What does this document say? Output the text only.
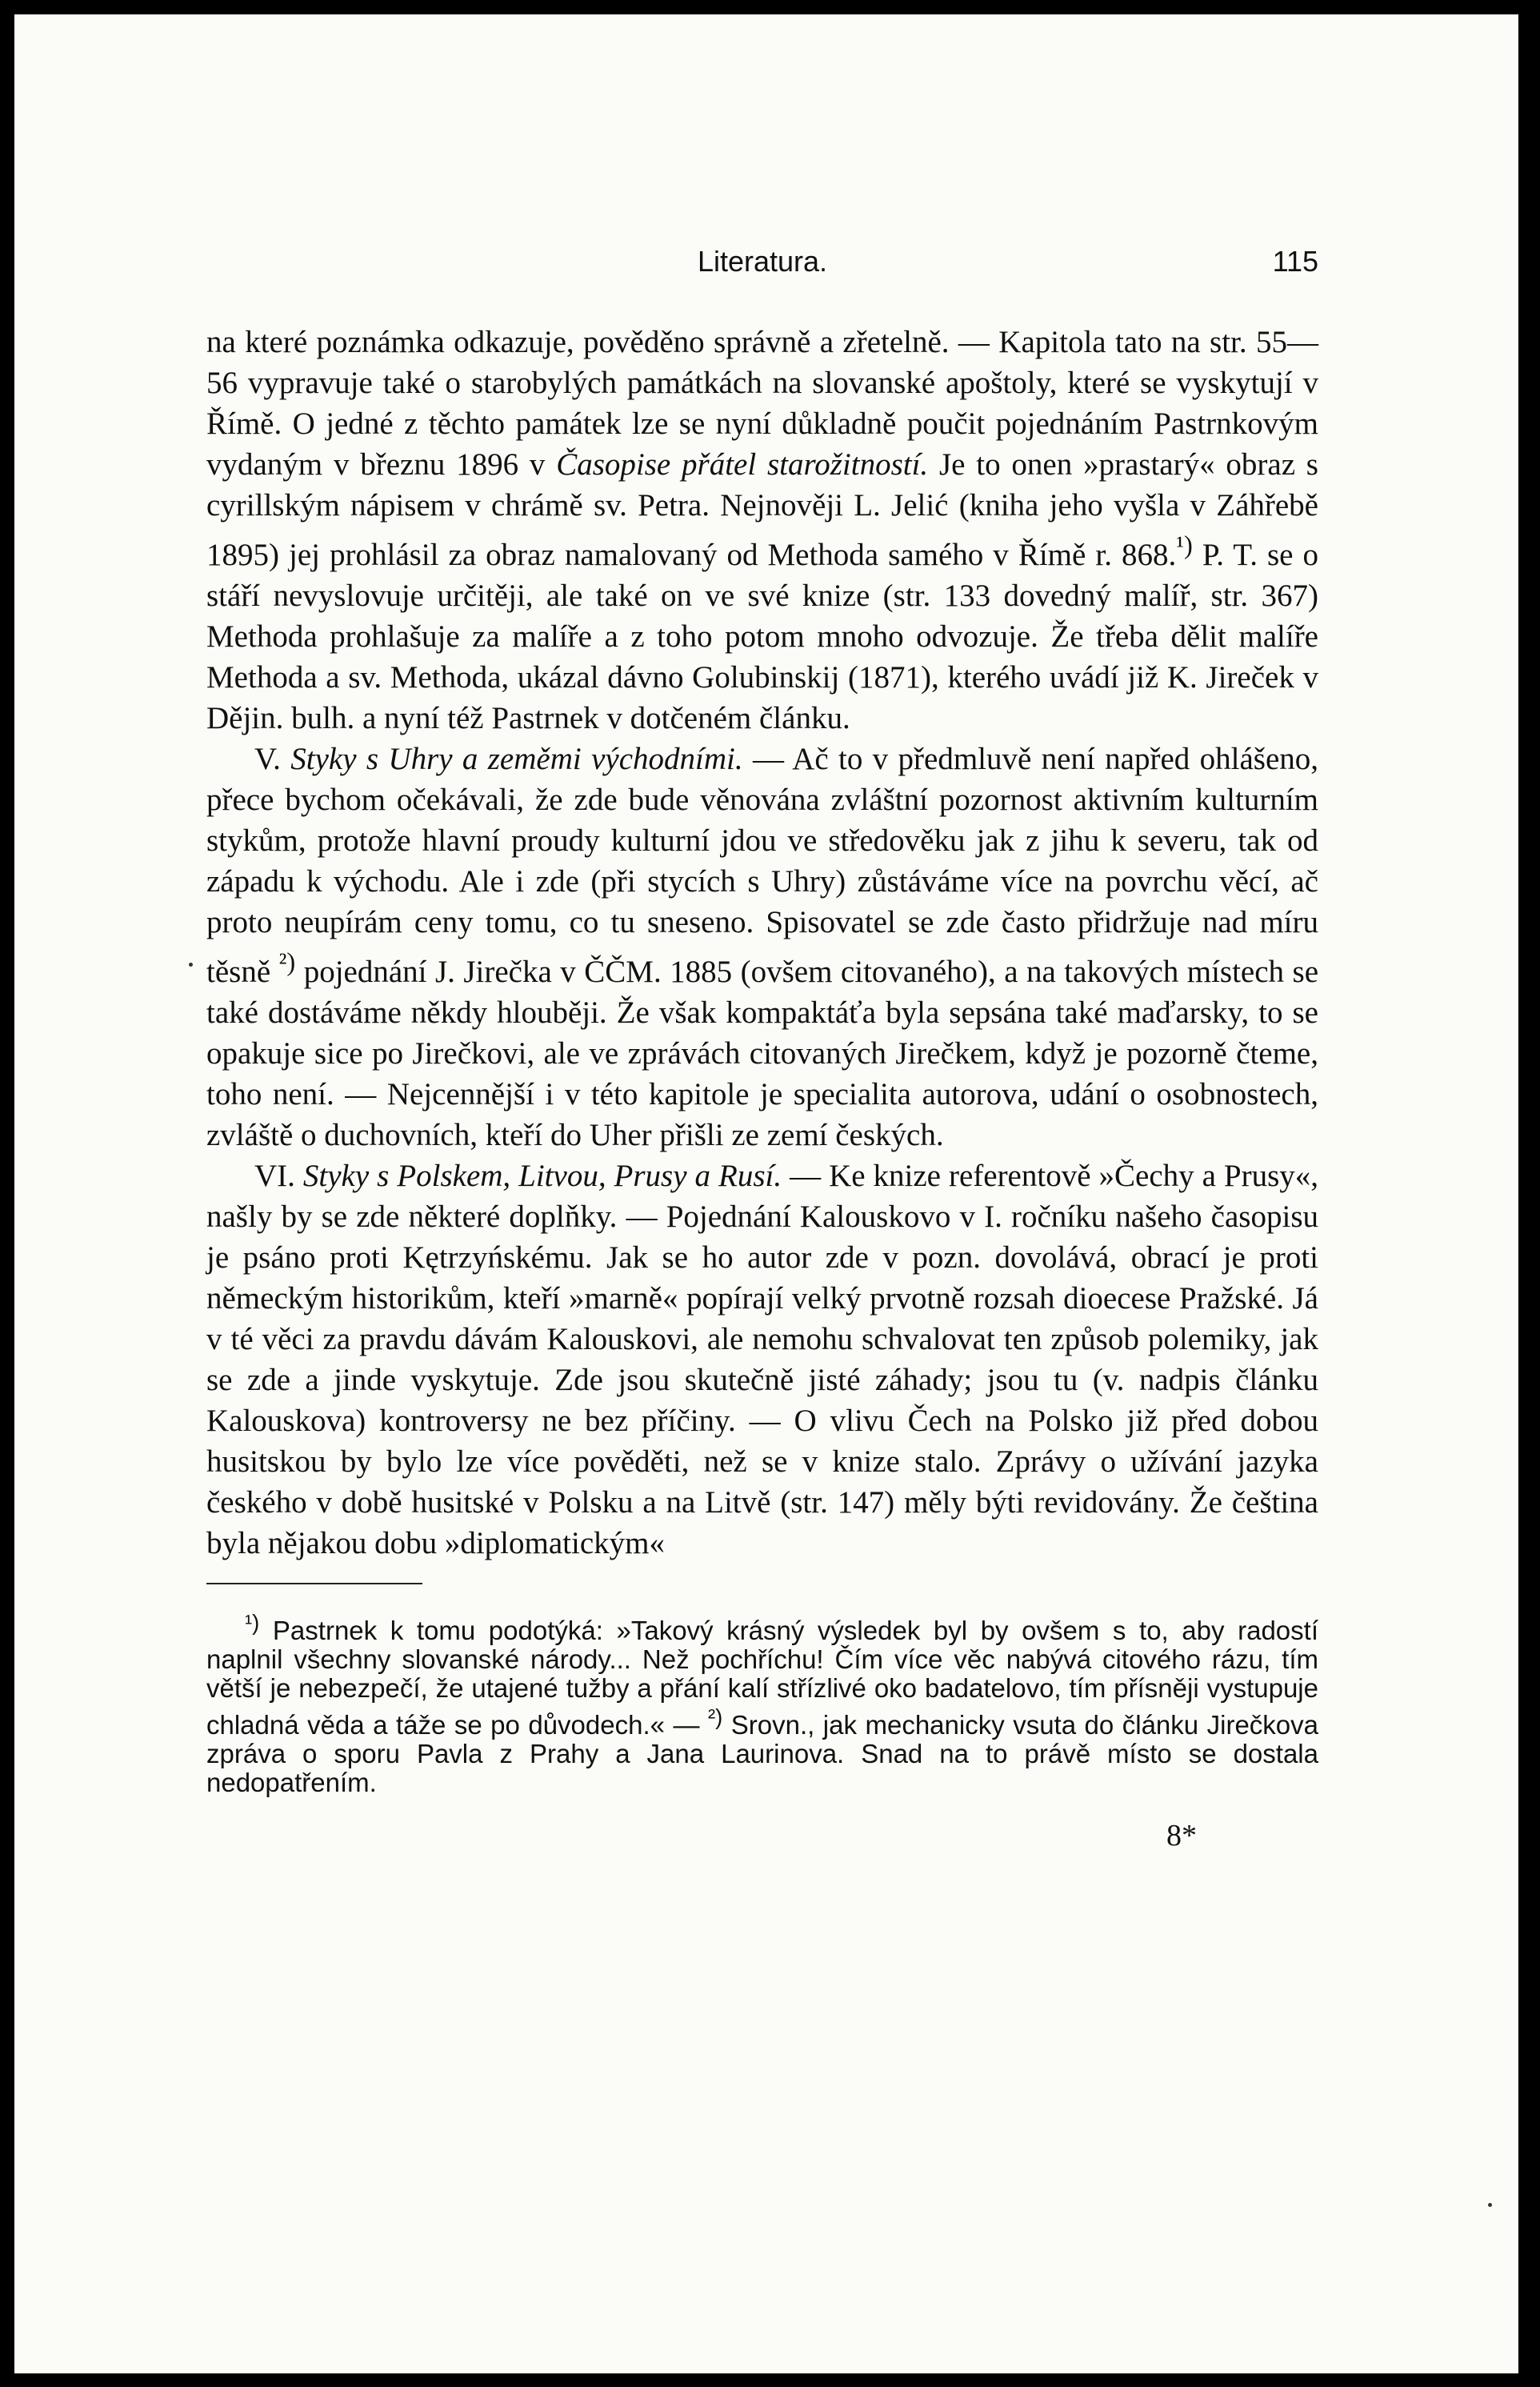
Literatura.	115

na které poznámka odkazuje, pověděno správně a zřetelně. — Kapitola tato na str. 55—56 vypravuje také o starobylých památkách na slovanské apoštoly, které se vyskytují v Římě. O jedné z těchto památek lze se nyní důkladně poučit pojednáním Pastrnkovým vydaným v březnu 1896 v Časopise přátel starožitností. Je to onen »prastarý« obraz s cyrillským nápisem v chrámě sv. Petra. Nejnověji L. Jelić (kniha jeho vyšla v Záhřebě 1895) jej prohlásil za obraz namalovaný od Methoda samého v Římě r. 868.$^{^1)}$ P. T. se o stáří nevyslovuje určitěji, ale také on ve své knize (str. 133 dovedný malíř, str. 367) Methoda prohlašuje za malíře a z toho potom mnoho odvozuje. Že třeba dělit malíře Methoda a sv. Methoda, ukázal dávno Golubinskij (1871), kterého uvádí již K. Jireček v Dějin. bulh. a nyní též Pastrnek v dotčeném článku.

V. Styky s Uhry a zeměmi východními. — Ač to v předmluvě není napřed ohlášeno, přece bychom očekávali, že zde bude věnována zvláštní pozornost aktivním kulturním stykům, protože hlavní proudy kulturní jdou ve středověku jak z jihu k severu, tak od západu k východu. Ale i zde (při stycích s Uhry) zůstáváme více na povrchu věcí, ač proto neupírám ceny tomu, co tu sneseno. Spisovatel se zde často přidržuje nad míru těsně $^{^2)}$ pojednání J. Jirečka v ČČM. 1885 (ovšem citovaného), a na takových místech se také dostáváme někdy hlouběji. Že však kompaktáťa byla sepsána také maďarsky, to se opakuje sice po Jirečkovi, ale ve zprávách citovaných Jirečkem, když je pozorně čteme, toho není. — Nejcennější i v této kapitole je specialita autorova, udání o osobnostech, zvláště o duchovních, kteří do Uher přišli ze zemí českých.

VI. Styky s Polskem, Litvou, Prusy a Rusí. — Ke knize referentově »Čechy a Prusy«, našly by se zde některé doplňky. — Pojednání Kalouskovo v I. ročníku našeho časopisu je psáno proti Kętrzyńskému. Jak se ho autor zde v pozn. dovolává, obrací je proti německým historikům, kteří »marně« popírají velký prvotně rozsah dioecese Pražské. Já v té věci za pravdu dávám Kalouskovi, ale nemohu schvalovat ten způsob polemiky, jak se zde a jinde vyskytuje. Zde jsou skutečně jisté záhady; jsou tu (v. nadpis článku Kalouskova) kontroversy ne bez příčiny. — O vlivu Čech na Polsko již před dobou husitskou by bylo lze více pověděti, než se v knize stalo. Zprávy o užívání jazyka českého v době husitské v Polsku a na Litvě (str. 147) měly býti revidovány. Že čeština byla nějakou dobu »diplomatickým«

$^{^1)}$ Pastrnek k tomu podotýká: »Takový krásný výsledek byl by ovšem s to, aby radostí naplnil všechny slovanské národy... Než pochříchu! Čím více věc nabývá citového rázu, tím větší je nebezpečí, že utajené tužby a přání kalí střízlivé oko badatelovo, tím přísněji vystupuje chladná věda a táže se po důvodech.« — $^{^2)}$ Srovn., jak mechanicky vsuta do článku Jirečkova zpráva o sporu Pavla z Prahy a Jana Laurinova. Snad na to právě místo se dostala nedopatřením.

8*
